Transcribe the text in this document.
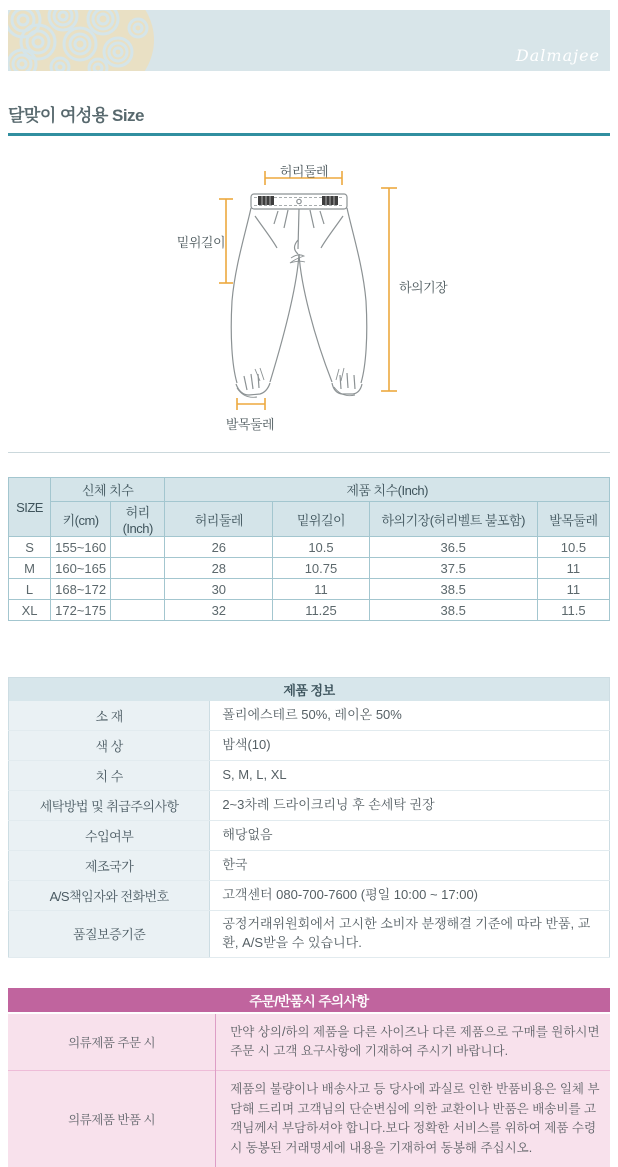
Dalmajee
달맞이 여성용 Size
허리둘레
밑위길이
하의기장
발목둘레
SIZE	신체 치수		제품 치수(Inch)			
	키(cm)	허리(Inch)	허리둘레	밑위길이	하의기장(허리벨트 불포함)	발목둘레
S	155~160		26	10.5	36.5	10.5
M	160~165		28	10.75	37.5	11
L	168~172		30	11	38.5	11
XL	172~175		32	11.25	38.5	11.5
제품 정보	
소 재	폴리에스테르 50%, 레이온 50%
색 상	밤색(10)
치 수	S, M, L, XL
세탁방법 및 취급주의사항	2~3차례 드라이크리닝 후 손세탁 권장
수입여부	해당없음
제조국가	한국
A/S책임자와 전화번호	고객센터 080-700-7600 (평일 10:00 ~ 17:00)
품질보증기준	공정거래위원회에서 고시한 소비자 분쟁해결 기준에 따라 반품, 교환, A/S받을 수 있습니다.
주문/반품시 주의사항	
의류제품 주문 시	만약 상의/하의 제품을 다른 사이즈나 다른 제품으로 구매를 원하시면 주문 시 고객 요구사항에 기재하여 주시기 바랍니다.
의류제품 반품 시	제품의 불량이나 배송사고 등 당사에 과실로 인한 반품비용은 일체 부담해 드리며 고객님의 단순변심에 의한 교환이나 반품은 배송비를 고객님께서 부담하셔야 합니다.보다 정확한 서비스를 위하여 제품 수령시 동봉된 거래명세에 내용을 기재하여 동봉해 주십시오.
